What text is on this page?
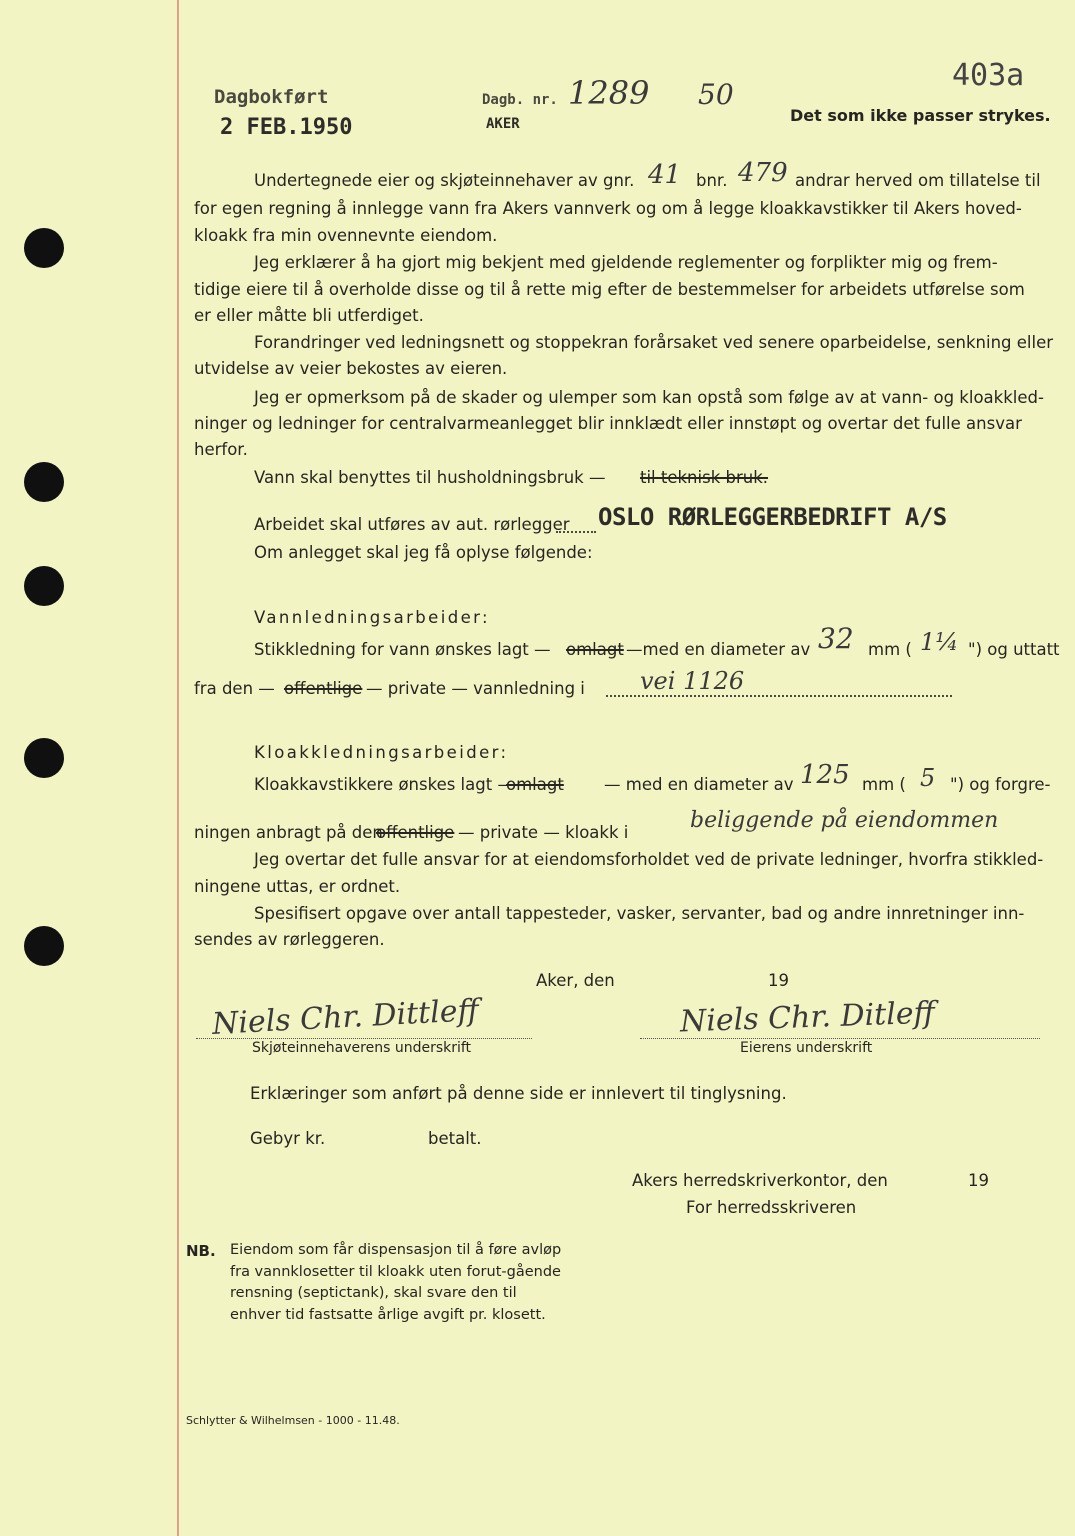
Dagbokført
2 FEB.1950
Dagb. nr. 1289 50
AKER	Det som ikke passer strykes.
403a
Undertegnede eier og skjøteinnehaver av gnr. 41 bnr. 479 andrar herved om tillatelse til
for egen regning å innlegge vann fra Akers vannverk og om å legge kloakkavstikker til Akers hoved-
kloakk fra min ovennevnte eiendom.
Jeg erklærer å ha gjort mig bekjent med gjeldende reglementer og forplikter mig og frem-
tidige eiere til å overholde disse og til å rette mig efter de bestemmelser for arbeidets utførelse som
er eller måtte bli utferdiget.
Forandringer ved ledningsnett og stoppekran forårsaket ved senere oparbeidelse, senkning eller
utvidelse av veier bekostes av eieren.
Jeg er opmerksom på de skader og ulemper som kan opstå som følge av at vann- og kloakkled-
ninger og ledninger for centralvarmeanlegget blir innklædt eller innstøpt og overtar det fulle ansvar
herfor.
Vann skal benyttes til husholdningsbruk — til teknisk bruk.
Arbeidet skal utføres av aut. rørlegger OSLO RØRLEGGERBEDRIFT A/S
Om anlegget skal jeg få oplyse følgende:
Vannledningsarbeider:
Stikkledning for vann ønskes lagt — omlagt —med en diameter av 32 mm ( 1¼ ") og uttatt
fra den — offentlige — private — vannledning i vei 1126
Kloakkledningsarbeider:
Kloakkavstikkere ønskes lagt —
omlagt — med en diameter av 125 mm ( 5 ") og forgre-
ningen anbragt på den
offentlige — private — kloakk i	beliggende på eiendommen
Jeg overtar det fulle ansvar for at eiendomsforholdet ved de private ledninger, hvorfra stikkled-
ningene uttas, er ordnet.
Spesifisert opgave over antall tappesteder, vasker, servanter, bad og andre innretninger inn-
sendes av rørleggeren.
Aker, den	19
Niels Chr. Dittleff
Skjøteinnehaverens underskrift
Niels Chr. Ditleff
Eierens underskrift
Erklæringer som anført på denne side er innlevert til tinglysning.
Gebyr kr.	betalt.
Akers herredskriverkontor, den	19
For herredsskriveren
NB. Eiendom som får dispensasjon til å føre avløp fra vannklosetter til kloakk uten forut-gående rensning (septictank), skal svare den til enhver tid fastsatte årlige avgift pr. klosett.
Schlytter & Wilhelmsen - 1000 - 11.48.
